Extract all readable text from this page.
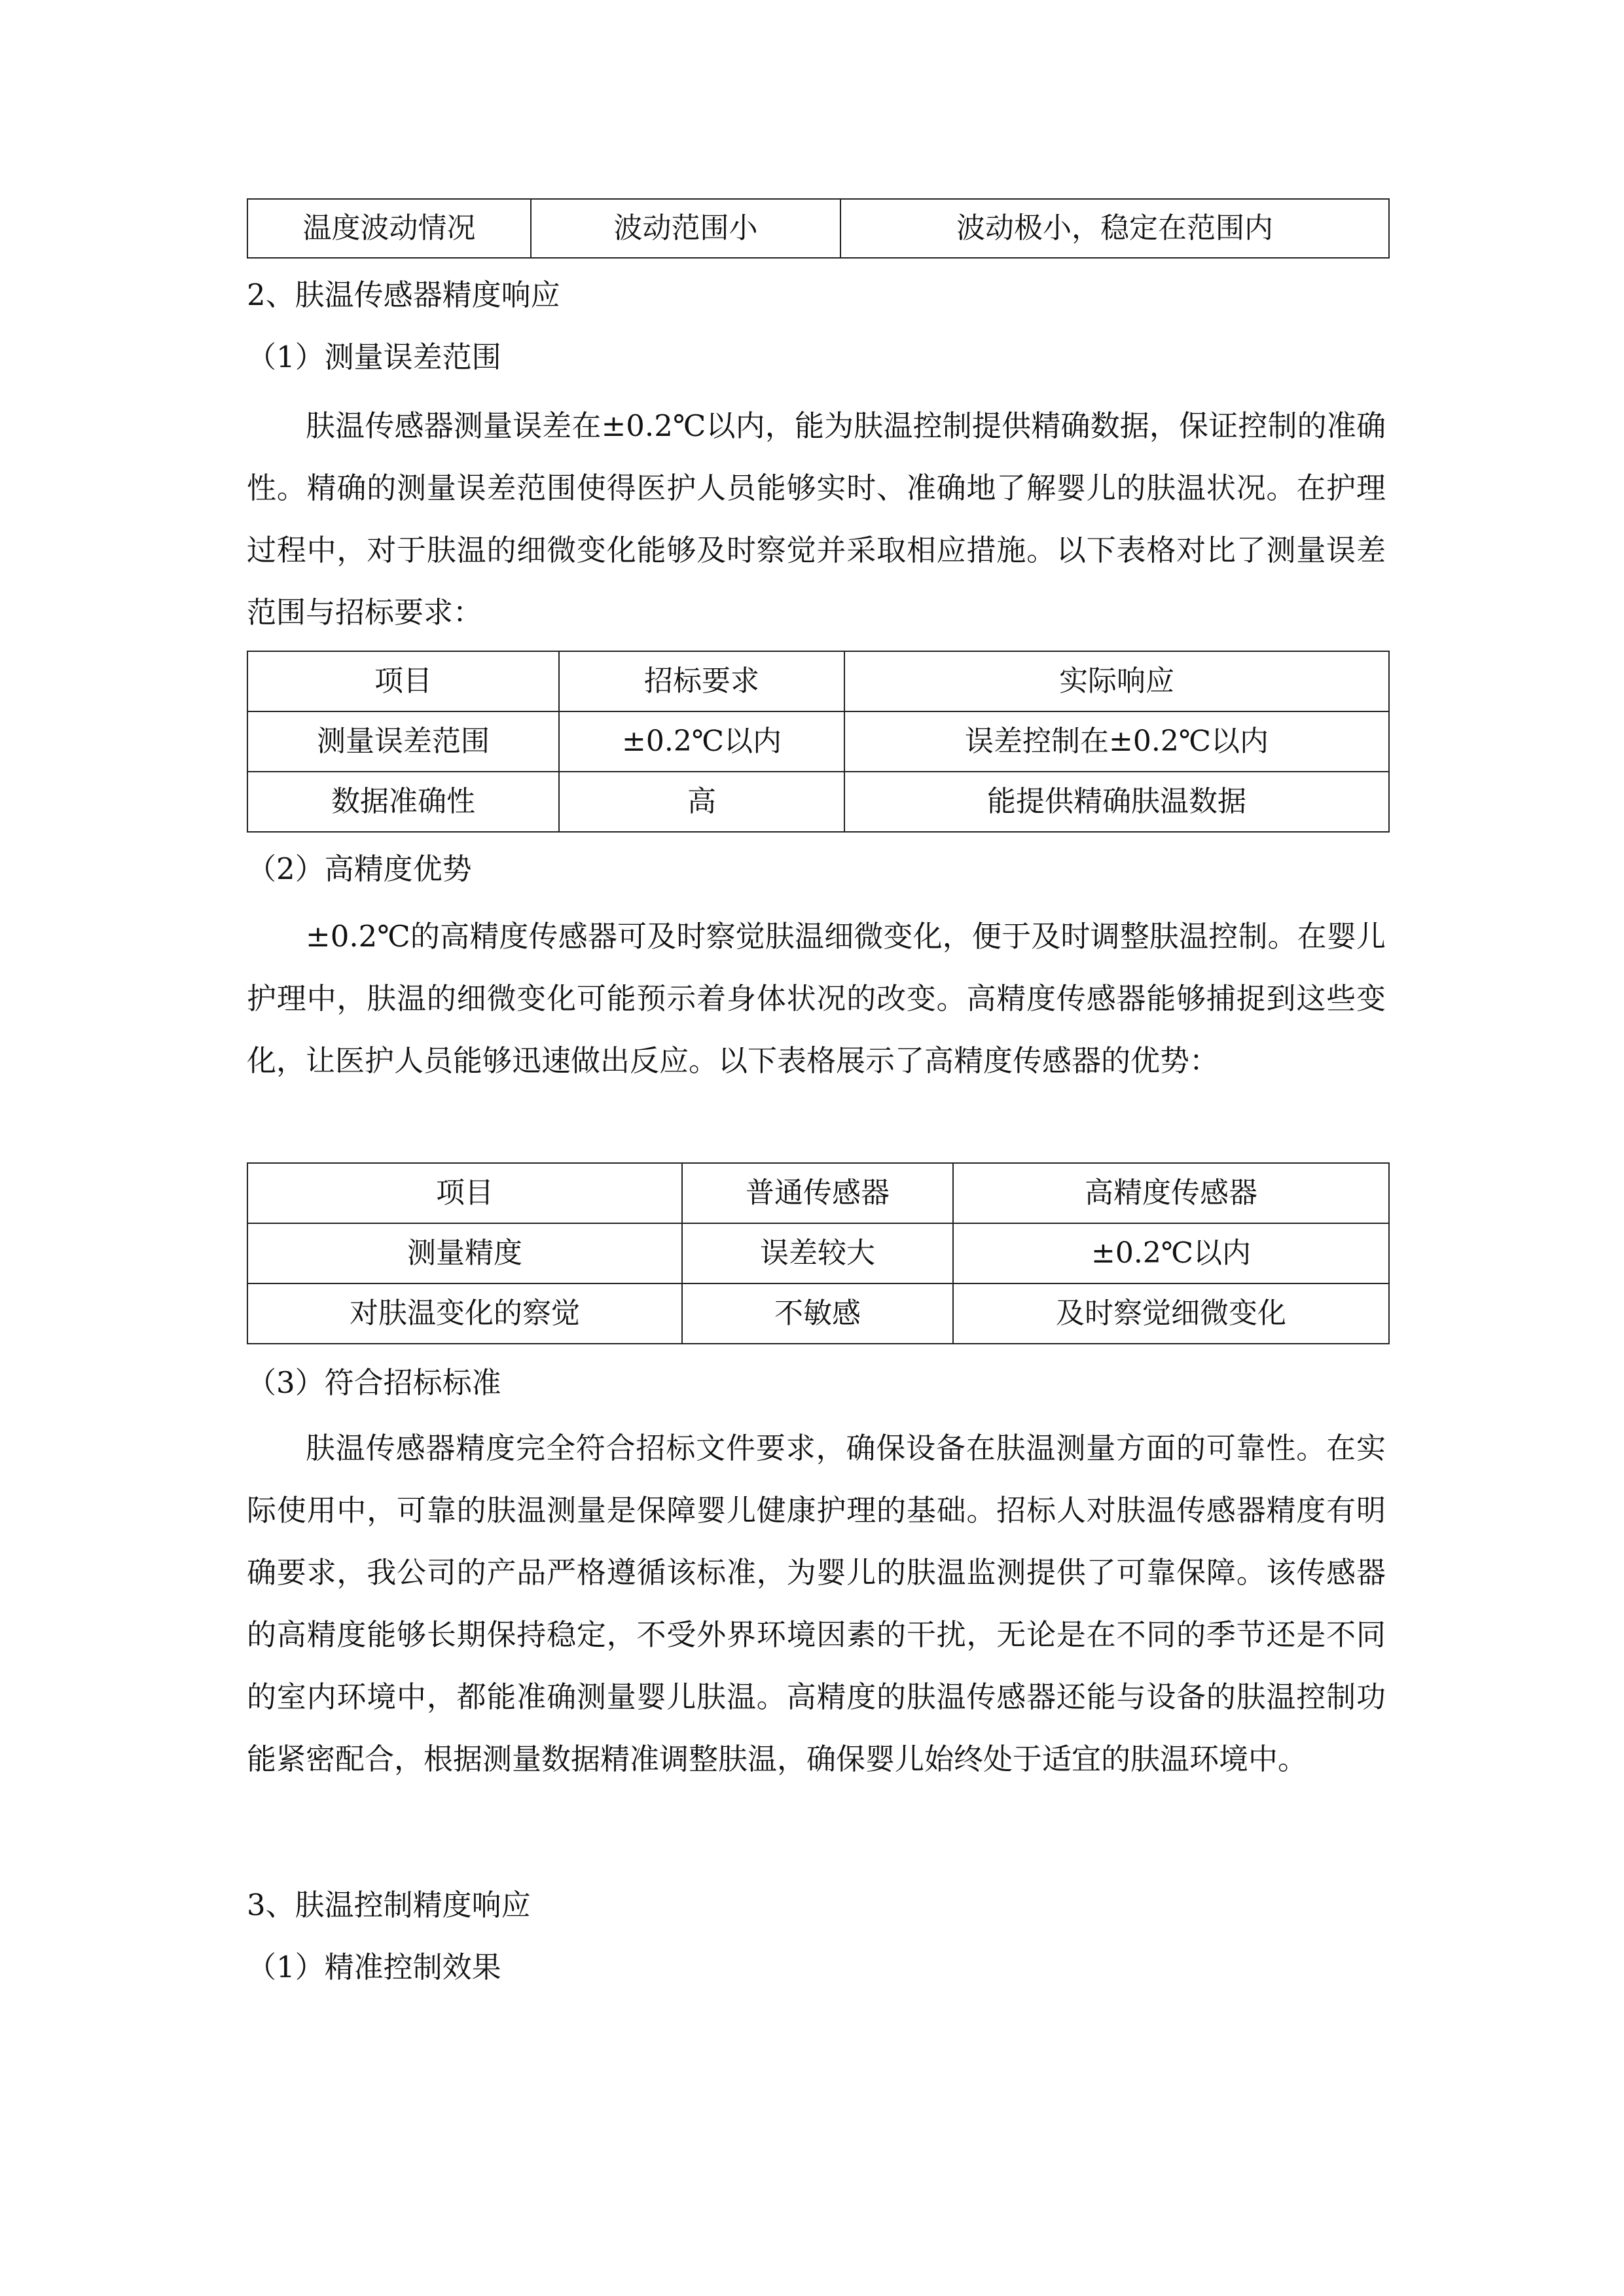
温度波动情况	波动范围小	波动极小，稳定在范围内
2、肤温传感器精度响应
（1）测量误差范围

肤温传感器测量误差在±0.2℃以内，能为肤温控制提供精确数据，保证控制的准确性。精确的测量误差范围使得医护人员能够实时、准确地了解婴儿的肤温状况。在护理过程中，对于肤温的细微变化能够及时察觉并采取相应措施。以下表格对比了测量误差范围与招标要求：

项目	招标要求	实际响应
测量误差范围	±0.2℃以内	误差控制在±0.2℃以内
数据准确性	高	能提供精确肤温数据
（2）高精度优势

±0.2℃的高精度传感器可及时察觉肤温细微变化，便于及时调整肤温控制。在婴儿护理中，肤温的细微变化可能预示着身体状况的改变。高精度传感器能够捕捉到这些变化，让医护人员能够迅速做出反应。以下表格展示了高精度传感器的优势：

项目	普通传感器	高精度传感器
测量精度	误差较大	±0.2℃以内
对肤温变化的察觉	不敏感	及时察觉细微变化
（3）符合招标标准

肤温传感器精度完全符合招标文件要求，确保设备在肤温测量方面的可靠性。在实际使用中，可靠的肤温测量是保障婴儿健康护理的基础。招标人对肤温传感器精度有明确要求，我公司的产品严格遵循该标准，为婴儿的肤温监测提供了可靠保障。该传感器的高精度能够长期保持稳定，不受外界环境因素的干扰，无论是在不同的季节还是不同的室内环境中，都能准确测量婴儿肤温。高精度的肤温传感器还能与设备的肤温控制功能紧密配合，根据测量数据精准调整肤温，确保婴儿始终处于适宜的肤温环境中。

3、肤温控制精度响应
（1）精准控制效果
